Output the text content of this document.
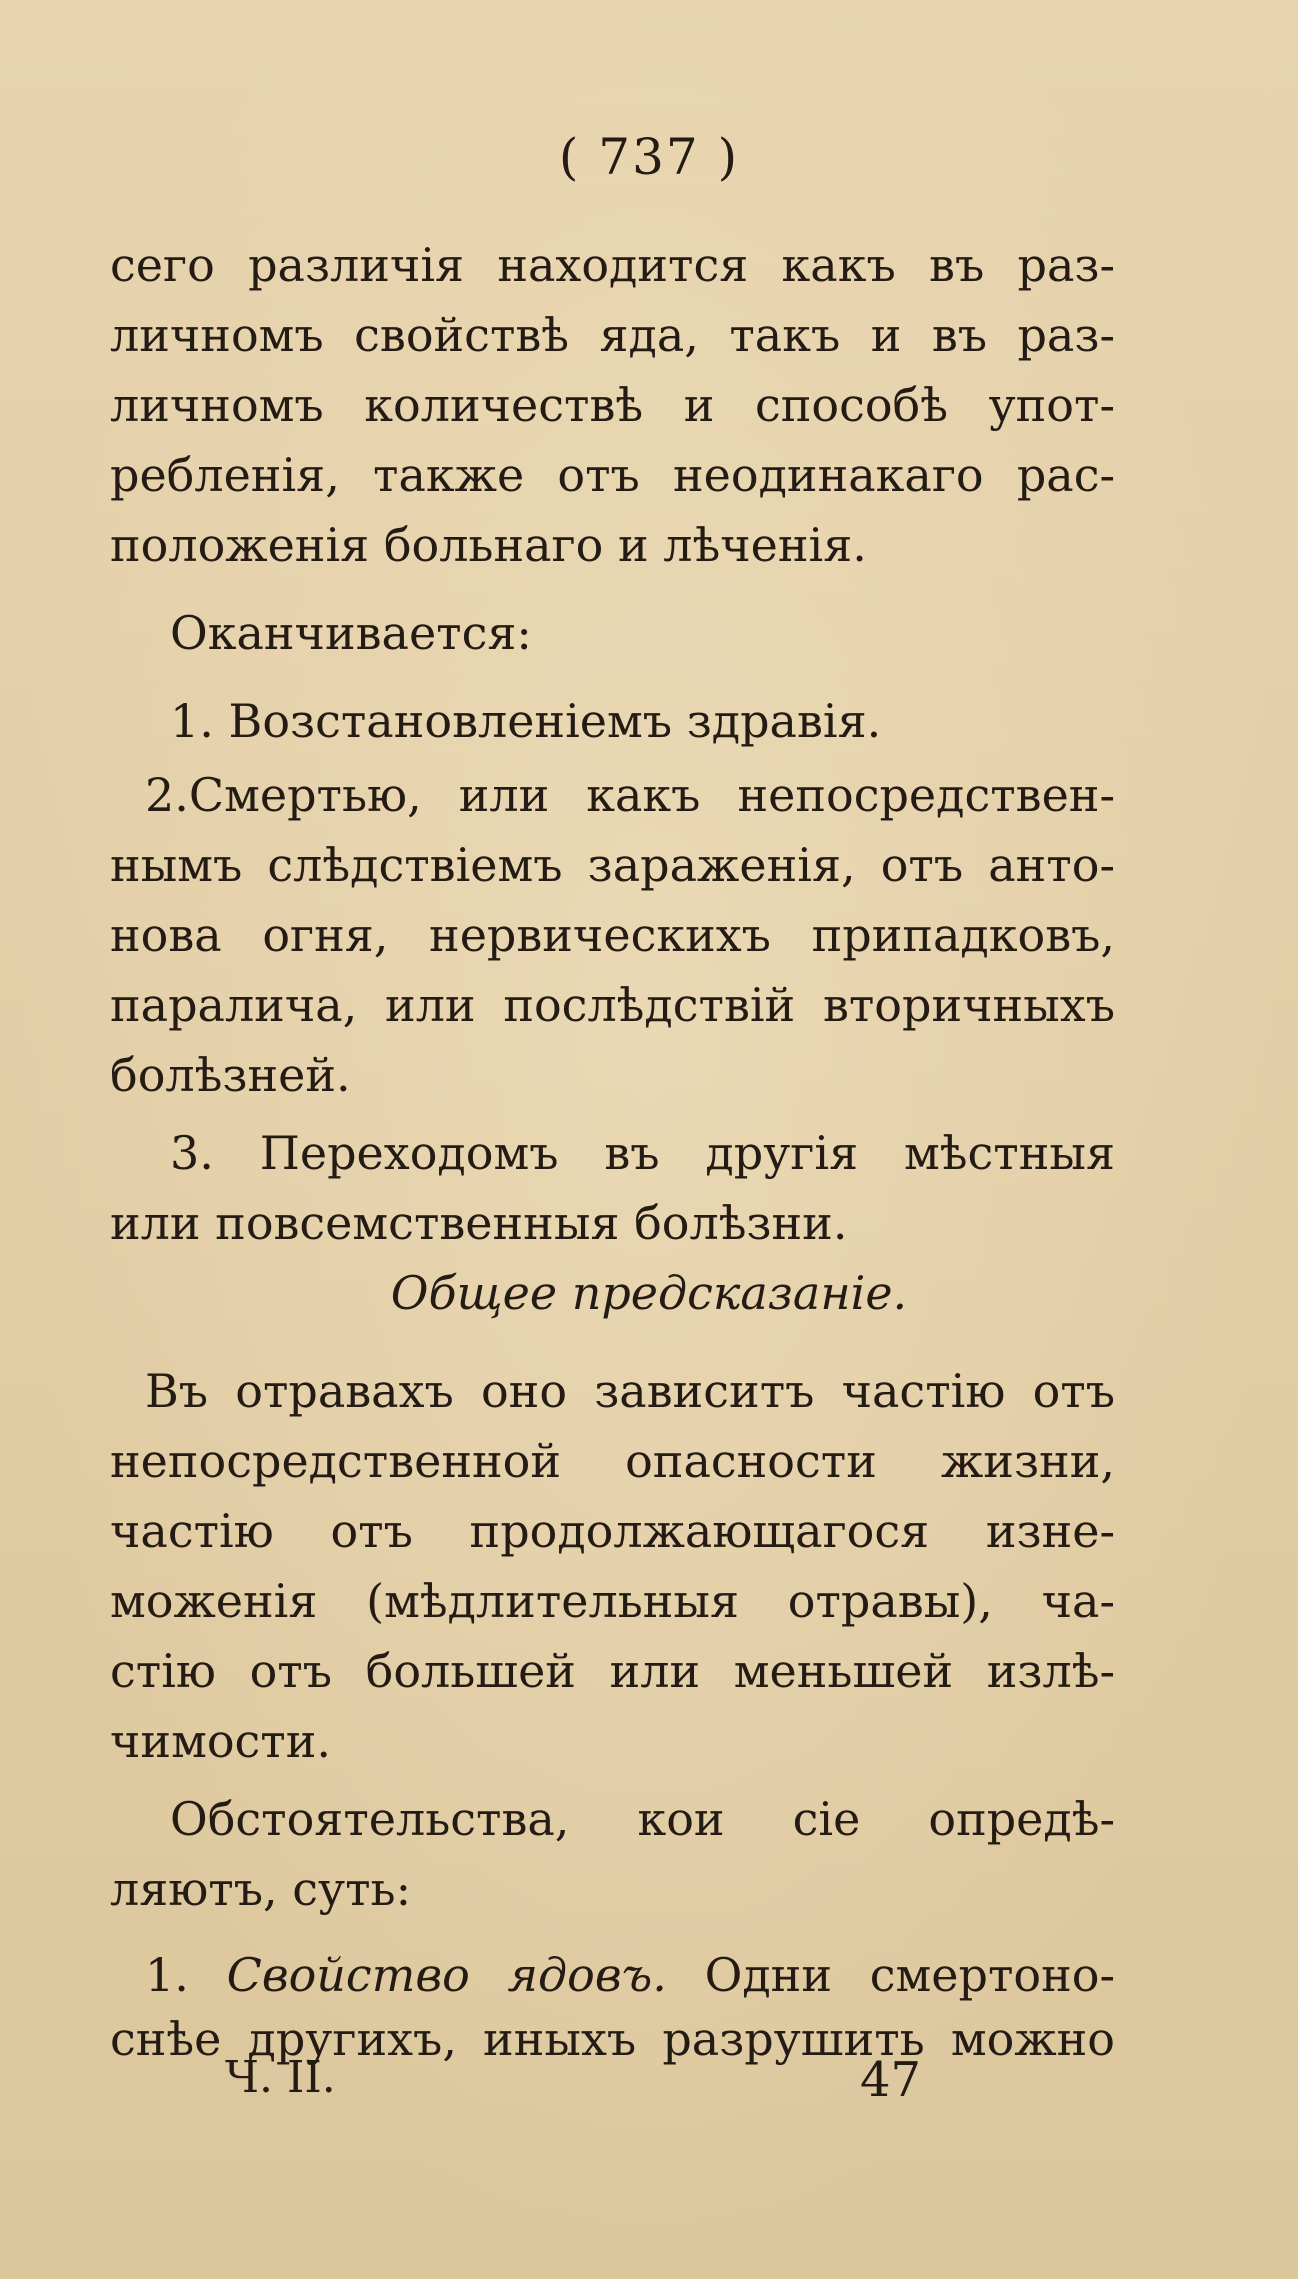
( 737 )
сего различія находится какъ въ раз-
личномъ свойствѣ яда, такъ и въ раз-
личномъ количествѣ и способѣ упот-
ребленія, также отъ неодинакаго рас-
положенія больнаго и лѣченія.
Оканчивается:
1. Возстановленіемъ здравія.
2.Смертью, или какъ непосредствен-
нымъ слѣдствіемъ зараженія, отъ анто-
нова огня, нервическихъ припадковъ,
паралича, или послѣдствій вторичныхъ
болѣзней.
3. Переходомъ въ другія мѣстныя
или повсемственныя болѣзни.
Общее предсказаніе.
Въ отравахъ оно зависитъ частію отъ
непосредственной опасности жизни,
частію отъ продолжающагося изне-
моженія (мѣдлительныя отравы), ча-
стію отъ большей или меньшей излѣ-
чимости.
Обстоятельства, кои сіе опредѣ-
ляютъ, суть:
1. Свойство ядовъ. Одни смертоно-
снѣе другихъ, иныхъ разрушить можно
Ч. II.	47
